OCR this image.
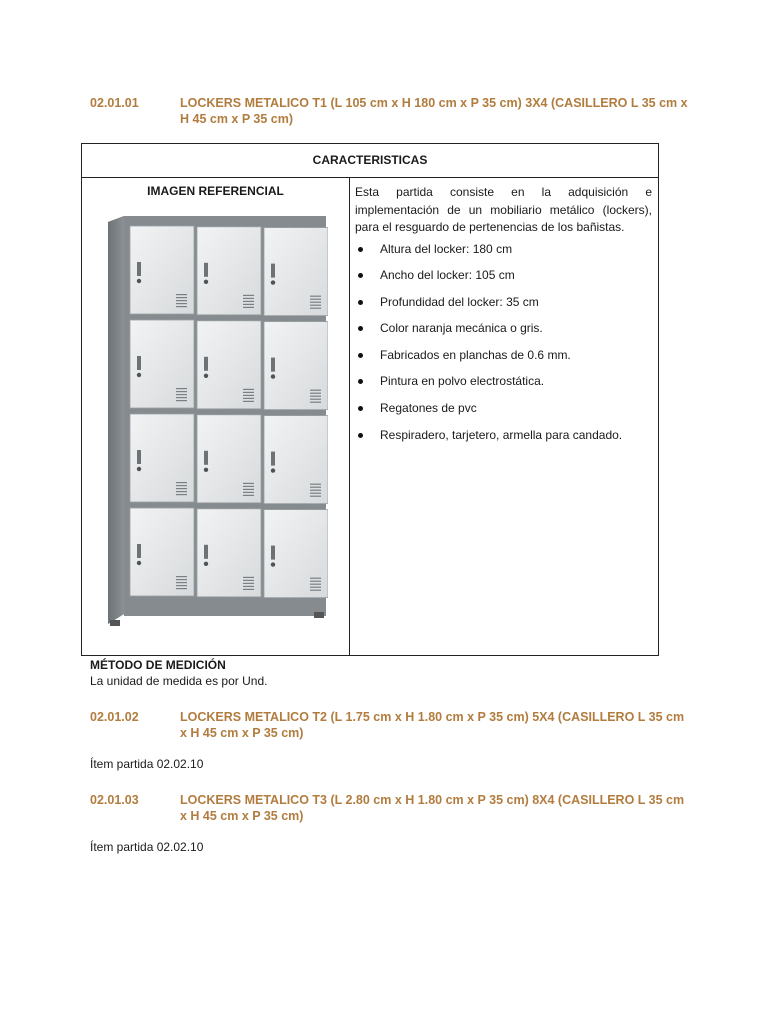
02.01.01	LOCKERS METALICO T1 (L 105 cm x H 180 cm x P 35 cm) 3X4 (CASILLERO L 35 cm x H 45 cm x P 35 cm)
CARACTERISTICAS
IMAGEN REFERENCIAL	Esta partida consiste en la adquisición e implementación de un mobiliario metálico (lockers), para el resguardo de pertenencias de los bañistas.

Altura del locker: 180 cm
Ancho del locker: 105 cm
Profundidad del locker: 35 cm
Color naranja mecánica o gris.
Fabricados en planchas de 0.6 mm.
Pintura en polvo electrostática.
Regatones de pvc
Respiradero, tarjetero, armella para candado.
MÉTODO DE MEDICIÓN
La unidad de medida es por Und.
02.01.02	LOCKERS METALICO T2 (L 1.75 cm x H 1.80 cm x P 35 cm) 5X4 (CASILLERO L 35 cm x H 45 cm x P 35 cm)
Ítem partida 02.02.10
02.01.03	LOCKERS METALICO T3 (L 2.80 cm x H 1.80 cm x P 35 cm) 8X4 (CASILLERO L 35 cm x H 45 cm x P 35 cm)
Ítem partida 02.02.10
